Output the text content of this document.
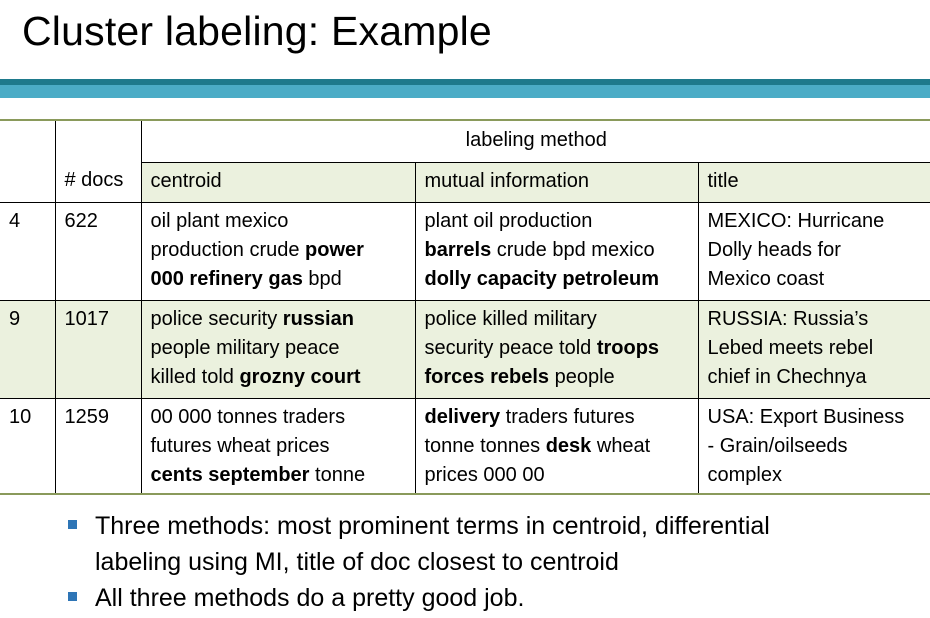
Cluster labeling: Example
		labeling method		
	# docs	centroid	mutual information	title
4	622	oil plant mexico
production crude power
000 refinery gas bpd	plant oil production
barrels crude bpd mexico
dolly capacity petroleum	MEXICO: Hurricane
Dolly heads for
Mexico coast
9	1017	police security russian
people military peace
killed told grozny court	police killed military
security peace told troops
forces rebels people	RUSSIA: Russia’s
Lebed meets rebel
chief in Chechnya
10	1259	00 000 tonnes traders
futures wheat prices
cents september tonne	delivery traders futures
tonne tonnes desk wheat
prices 000 00	USA: Export Business
- Grain/oilseeds
complex
Three methods: most prominent terms in centroid, differential
labeling using MI, title of doc closest to centroid
All three methods do a pretty good job.
